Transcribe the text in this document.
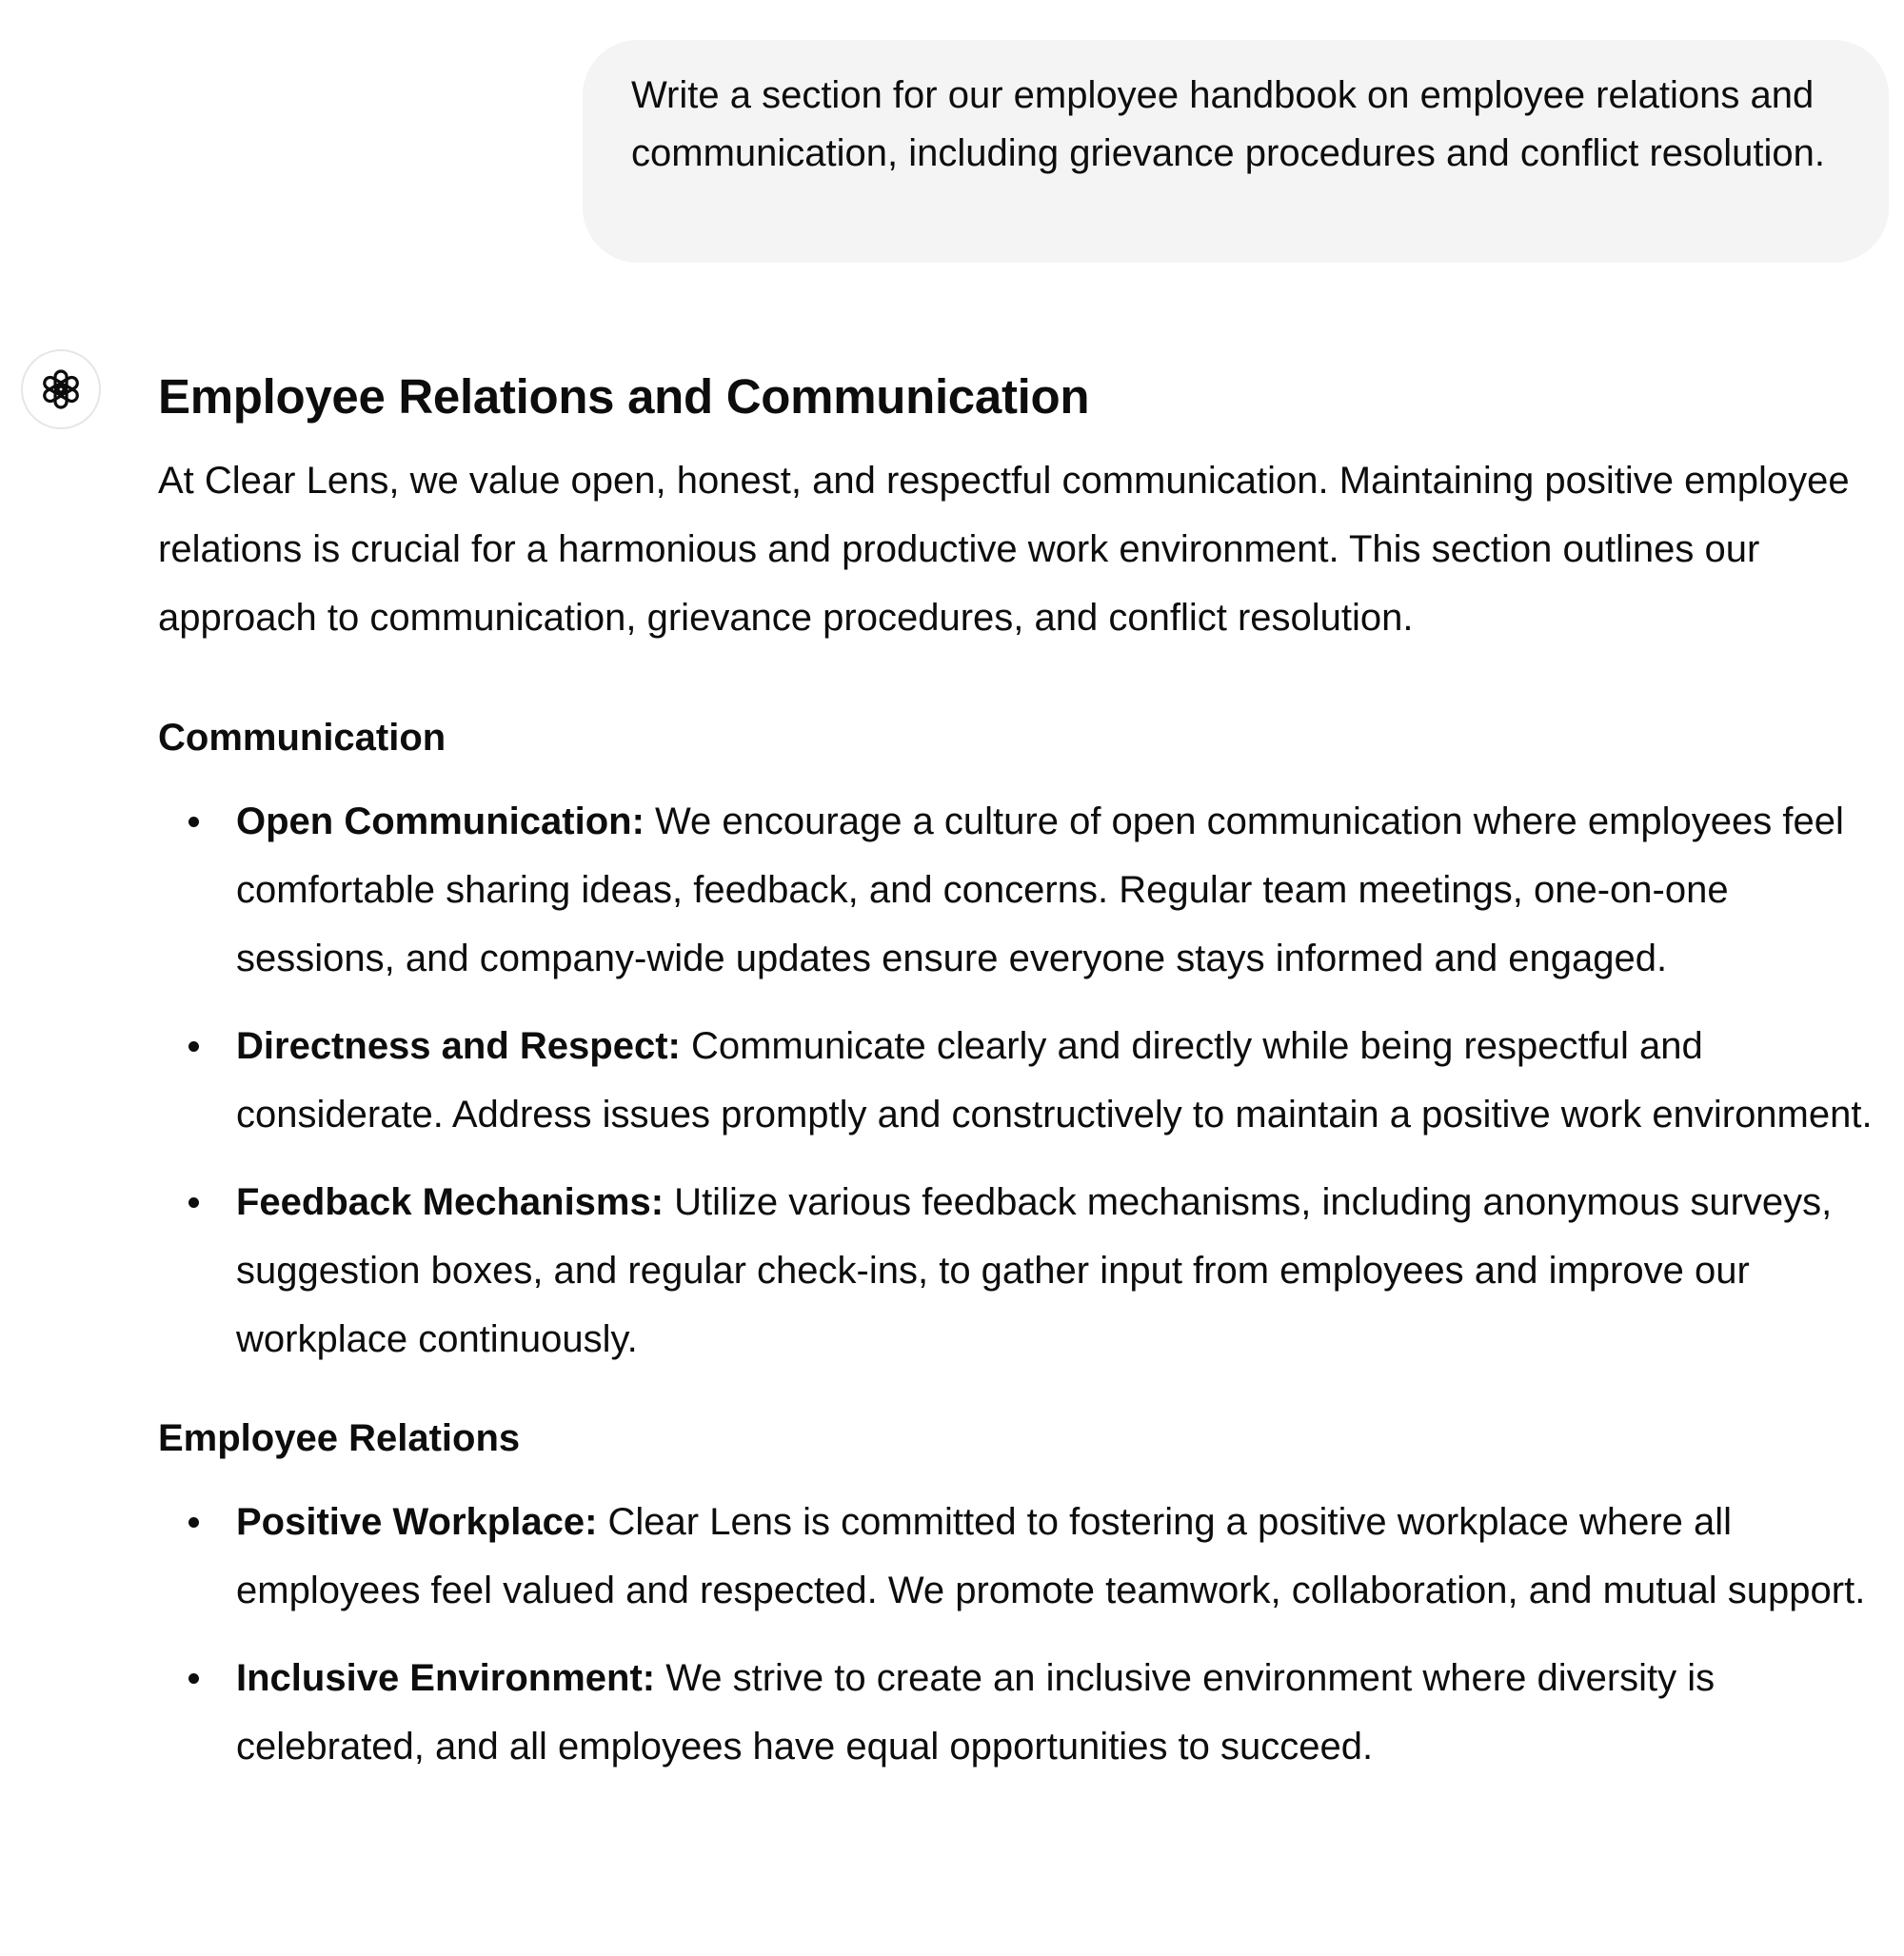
Write a section for our employee handbook on employee relations and communication, including grievance procedures and conflict resolution.
Employee Relations and Communication

At Clear Lens, we value open, honest, and respectful communication. Maintaining positive employee relations is crucial for a harmonious and productive work environment. This section outlines our approach to communication, grievance procedures, and conflict resolution.

Communication
Open Communication: We encourage a culture of open communication where employees feel comfortable sharing ideas, feedback, and concerns. Regular team meetings, one-on-one sessions, and company-wide updates ensure everyone stays informed and engaged.
Directness and Respect: Communicate clearly and directly while being respectful and considerate. Address issues promptly and constructively to maintain a positive work environment.
Feedback Mechanisms: Utilize various feedback mechanisms, including anonymous surveys, suggestion boxes, and regular check-ins, to gather input from employees and improve our workplace continuously.
Employee Relations
Positive Workplace: Clear Lens is committed to fostering a positive workplace where all employees feel valued and respected. We promote teamwork, collaboration, and mutual support.
Inclusive Environment: We strive to create an inclusive environment where diversity is celebrated, and all employees have equal opportunities to succeed.
